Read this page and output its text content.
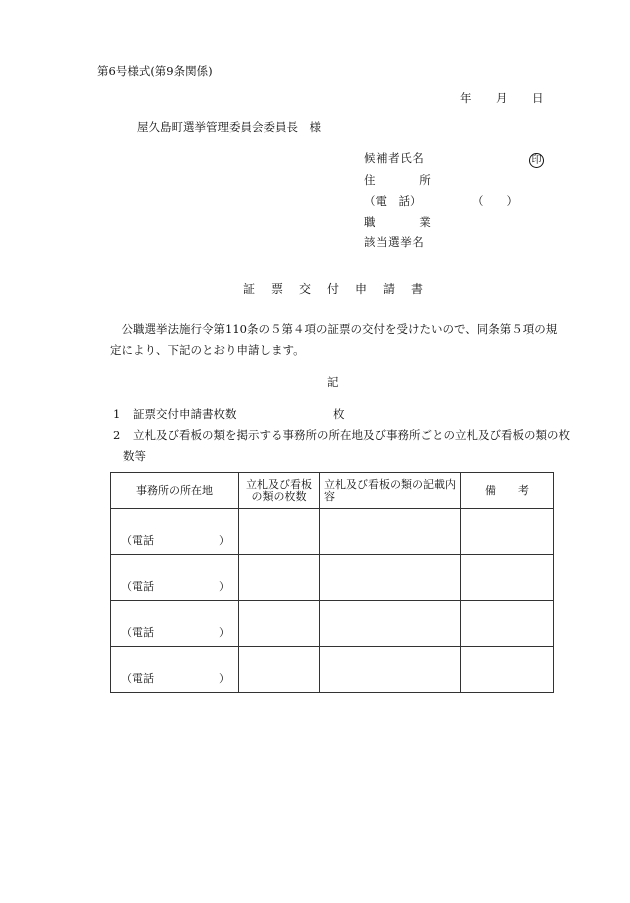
第6号様式(第9条関係)
年 月 日
屋久島町選挙管理委員会委員長　様
候補者氏名	印
住　　　所
（電　話）	（　　）
職　　　業
該当選挙名
証票交付申請書
　公職選挙法施行令第110条の５第４項の証票の交付を受けたいので、同条第５項の規定により、下記のとおり申請します。
記
1 証票交付申請書枚数	枚
2	立札及び看板の類を掲示する事務所の所在地及び事務所ごとの立札及び看板の類の枚数等
事務所の所在地	立札及び看板の類の枚数	立札及び看板の類の記載内容	備　　考

（電話 ）			

（電話 ）			

（電話 ）			

（電話 ）			
